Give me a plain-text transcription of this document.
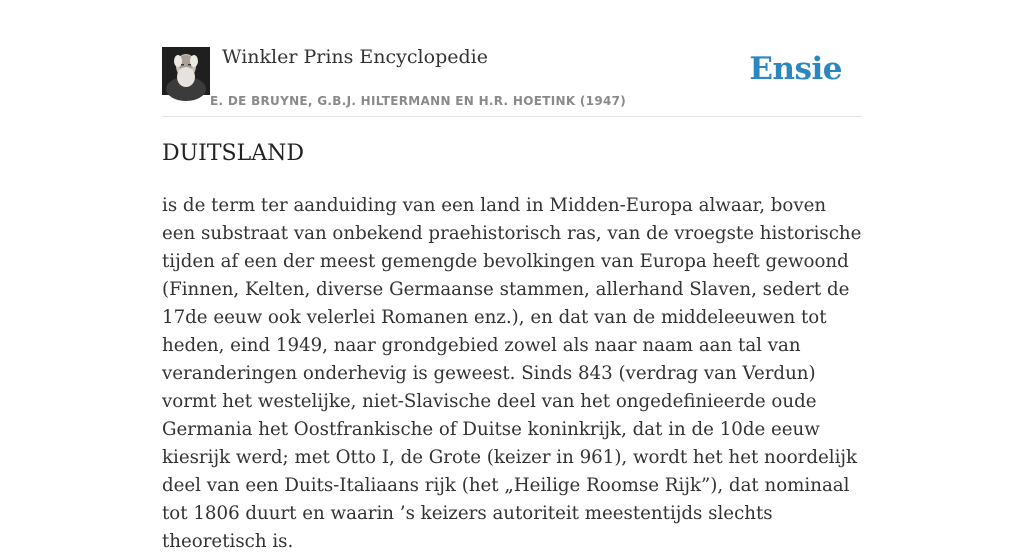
Winkler Prins Encyclopedie
E. DE BRUYNE, G.B.J. HILTERMANN EN H.R. HOETINK (1947)
Ensie
DUITSLAND

is de term ter aanduiding van een land in Midden-Europa alwaar, boven een substraat van onbekend praehistorisch ras, van de vroegste historische tijden af een der meest gemengde bevolkingen van Europa heeft gewoond (Finnen, Kelten, diverse Germaanse stammen, allerhand Slaven, sedert de 17de eeuw ook velerlei Romanen enz.), en dat van de middeleeuwen tot heden, eind 1949, naar grondgebied zowel als naar naam aan tal van veranderingen onderhevig is geweest. Sinds 843 (verdrag van Verdun) vormt het westelijke, niet-Slavische deel van het ongedefinieerde oude Germania het Oostfrankische of Duitse koninkrijk, dat in de 10de eeuw kiesrijk werd; met Otto I, de Grote (keizer in 961), wordt het het noordelijk deel van een Duits-Italiaans rijk (het „Heilige Roomse Rijk”), dat nominaal tot 1806 duurt en waarin ’s keizers autoriteit meestentijds slechts theoretisch is.
